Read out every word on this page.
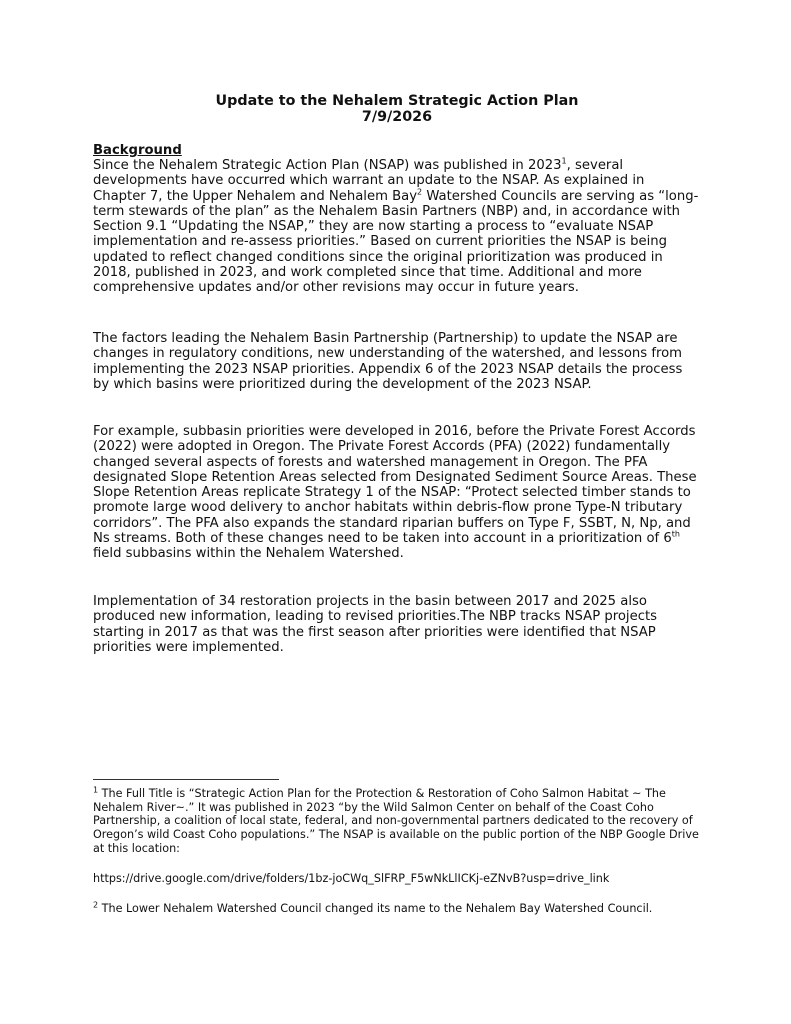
Update to the Nehalem Strategic Action Plan
7/9/2026
Background

Since the Nehalem Strategic Action Plan (NSAP) was published in 2023$^1$, several developments have occurred which warrant an update to the NSAP. As explained in Chapter 7, the Upper Nehalem and Nehalem Bay$^2$ Watershed Councils are serving as “long-term stewards of the plan” as the Nehalem Basin Partners (NBP) and, in accordance with Section 9.1 “Updating the NSAP,” they are now starting a process to “evaluate NSAP implementation and re-assess priorities.” Based on current priorities the NSAP is being updated to reflect changed conditions since the original prioritization was produced in 2018, published in 2023, and work completed since that time. Additional and more comprehensive updates and/or other revisions may occur in future years.

The factors leading the Nehalem Basin Partnership (Partnership) to update the NSAP are changes in regulatory conditions, new understanding of the watershed, and lessons from implementing the 2023 NSAP priorities. Appendix 6 of the 2023 NSAP details the process by which basins were prioritized during the development of the 2023 NSAP.

For example, subbasin priorities were developed in 2016, before the Private Forest Accords (2022) were adopted in Oregon. The Private Forest Accords (PFA) (2022) fundamentally changed several aspects of forests and watershed management in Oregon. The PFA designated Slope Retention Areas selected from Designated Sediment Source Areas. These Slope Retention Areas replicate Strategy 1 of the NSAP: “Protect selected timber stands to promote large wood delivery to anchor habitats within debris-flow prone Type-N tributary corridors”. The PFA also expands the standard riparian buffers on Type F, SSBT, N, Np, and Ns streams. Both of these changes need to be taken into account in a prioritization of 6th field subbasins within the Nehalem Watershed.

Implementation of 34 restoration projects in the basin between 2017 and 2025 also produced new information, leading to revised priorities.The NBP tracks NSAP projects starting in 2017 as that was the first season after priorities were identified that NSAP priorities were implemented.

$^1$ The Full Title is “Strategic Action Plan for the Protection & Restoration of Coho Salmon Habitat ~ The Nehalem River~.” It was published in 2023 “by the Wild Salmon Center on behalf of the Coast Coho Partnership, a coalition of local state, federal, and non-governmental partners dedicated to the recovery of Oregon’s wild Coast Coho populations.” The NSAP is available on the public portion of the NBP Google Drive at this location:

https://drive.google.com/drive/folders/1bz-joCWq_SlFRP_F5wNkLlICKj-eZNvB?usp=drive_link

$^2$ The Lower Nehalem Watershed Council changed its name to the Nehalem Bay Watershed Council.
